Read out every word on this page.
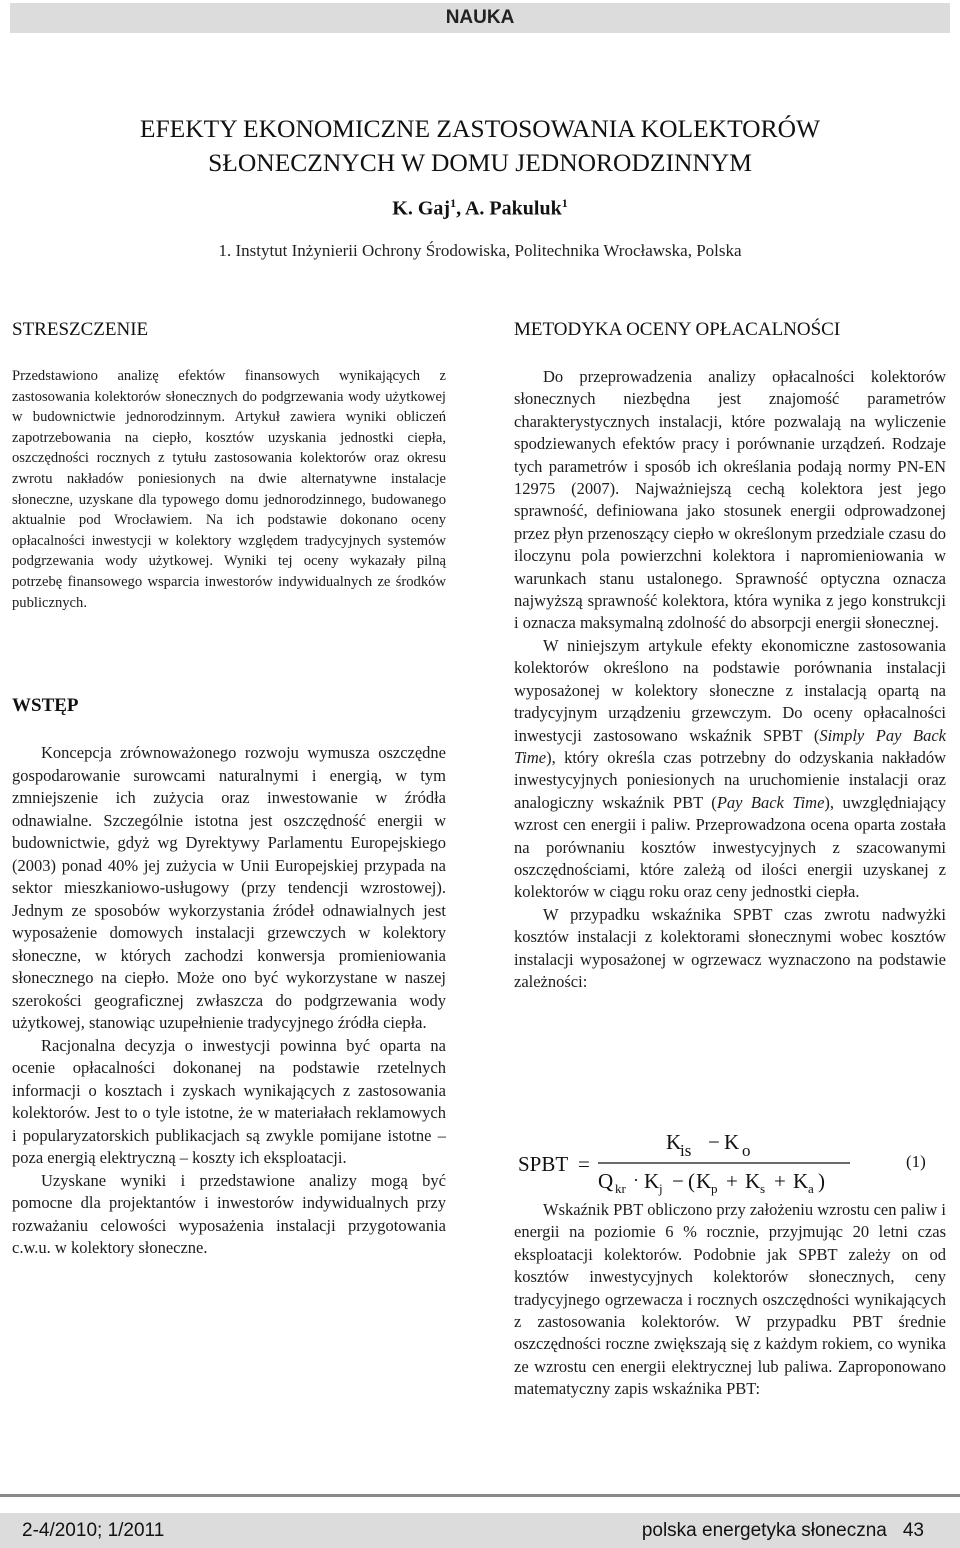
NAUKA
EFEKTY EKONOMICZNE ZASTOSOWANIA KOLEKTORÓW
SŁONECZNYCH W DOMU JEDNORODZINNYM
K. Gaj$^1$, A. Pakuluk$^1$
1. Instytut Inżynierii Ochrony Środowiska, Politechnika Wrocławska, Polska
STRESZCZENIE
Przedstawiono analizę efektów finansowych wynikających z zastosowania kolektorów słonecznych do podgrzewania wody użytkowej w budownictwie jednorodzinnym. Artykuł zawiera wyniki obliczeń zapotrzebowania na ciepło, kosztów uzyskania jednostki ciepła, oszczędności rocznych z tytułu zastosowania kolektorów oraz okresu zwrotu nakładów poniesionych na dwie alternatywne instalacje słoneczne, uzyskane dla typowego domu jednorodzinnego, budowanego aktualnie pod Wrocławiem. Na ich podstawie dokonano oceny opłacalności inwestycji w kolektory względem tradycyjnych systemów podgrzewania wody użytkowej. Wyniki tej oceny wykazały pilną potrzebę finansowego wsparcia inwestorów indywidualnych ze środków publicznych.
WSTĘP

Koncepcja zrównoważonego rozwoju wymusza oszczędne gospodarowanie surowcami naturalnymi i energią, w tym zmniejszenie ich zużycia oraz inwestowanie w źródła odnawialne. Szczególnie istotna jest oszczędność energii w budownictwie, gdyż wg Dyrektywy Parlamentu Europejskiego (2003) ponad 40% jej zużycia w Unii Europejskiej przypada na sektor mieszkaniowo-usługowy (przy tendencji wzrostowej). Jednym ze sposobów wykorzystania źródeł odnawialnych jest wyposażenie domowych instalacji grzewczych w kolektory słoneczne, w których zachodzi konwersja promieniowania słonecznego na ciepło. Może ono być wykorzystane w naszej szerokości geograficznej zwłaszcza do podgrzewania wody użytkowej, stanowiąc uzupełnienie tradycyjnego źródła ciepła.

Racjonalna decyzja o inwestycji powinna być oparta na ocenie opłacalności dokonanej na podstawie rzetelnych informacji o kosztach i zyskach wynikających z zastosowania kolektorów. Jest to o tyle istotne, że w materiałach reklamowych i popularyzatorskich publikacjach są zwykle pomijane istotne – poza energią elektryczną – koszty ich eksploatacji.

Uzyskane wyniki i przedstawione analizy mogą być pomocne dla projektantów i inwestorów indywidualnych przy rozważaniu celowości wyposażenia instalacji przygotowania c.w.u. w kolektory słoneczne.

METODYKA OCENY OPŁACALNOŚCI

Do przeprowadzenia analizy opłacalności kolektorów słonecznych niezbędna jest znajomość parametrów charakterystycznych instalacji, które pozwalają na wyliczenie spodziewanych efektów pracy i porównanie urządzeń. Rodzaje tych parametrów i sposób ich określania podają normy PN-EN 12975 (2007). Najważniejszą cechą kolektora jest jego sprawność, definiowana jako stosunek energii odprowadzonej przez płyn przenoszący ciepło w określonym przedziale czasu do iloczynu pola powierzchni kolektora i napromieniowania w warunkach stanu ustalonego. Sprawność optyczna oznacza najwyższą sprawność kolektora, która wynika z jego konstrukcji i oznacza maksymalną zdolność do absorpcji energii słonecznej.

W niniejszym artykule efekty ekonomiczne zastosowania kolektorów określono na podstawie porównania instalacji wyposażonej w kolektory słoneczne z instalacją opartą na tradycyjnym urządzeniu grzewczym. Do oceny opłacalności inwestycji zastosowano wskaźnik SPBT (Simply Pay Back Time), który określa czas potrzebny do odzyskania nakładów inwestycyjnych poniesionych na uruchomienie instalacji oraz analogiczny wskaźnik PBT (Pay Back Time), uwzględniający wzrost cen energii i paliw. Przeprowadzona ocena oparta została na porównaniu kosztów inwestycyjnych z szacowanymi oszczędnościami, które zależą od ilości energii uzyskanej z kolektorów w ciągu roku oraz ceny jednostki ciepła.

W przypadku wskaźnika SPBT czas zwrotu nadwyżki kosztów instalacji z kolektorami słonecznymi wobec kosztów instalacji wyposażonej w ogrzewacz wyznaczono na podstawie zależności:

SPBT =
K
is − K o
Q kr · K j − ( K p + K s + K a )
(1)

Wskaźnik PBT obliczono przy założeniu wzrostu cen paliw i energii na poziomie 6 % rocznie, przyjmując 20 letni czas eksploatacji kolektorów. Podobnie jak SPBT zależy on od kosztów inwestycyjnych kolektorów słonecznych, ceny tradycyjnego ogrzewacza i rocznych oszczędności wynikających z zastosowania kolektorów. W przypadku PBT średnie oszczędności roczne zwiększają się z każdym rokiem, co wynika ze wzrostu cen energii elektrycznej lub paliwa. Zaproponowano matematyczny zapis wskaźnika PBT:

2-4/2010; 1/2011	polska energetyka słoneczna 43
